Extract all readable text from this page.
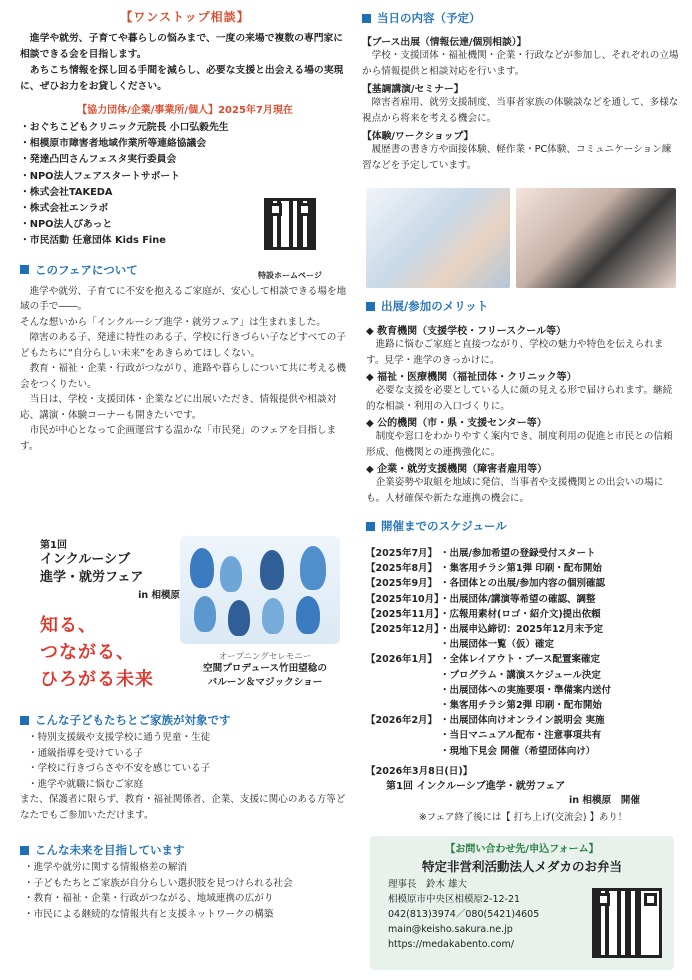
【ワンストップ相談】

進学や就労、子育てや暮らしの悩みまで、一度の来場で複数の専門家に相談できる会を目指します。

あちこち情報を探し回る手間を減らし、必要な支援と出会える場の実現に、ぜひお力をお貸しください。

【協力団体/企業/事業所/個人】2025年7月現在
・おぐちこどもクリニック元院長 小口弘毅先生
・相模原市障害者地域作業所等連絡協議会
・発達凸凹さんフェスタ実行委員会
・NPO法人フェアスタートサポート
・株式会社TAKEDA
・株式会社エンラボ
・NPO法人ぴあっと
・市民活動 任意団体 Kids Fine
このフェアについて

進学や就労、子育てに不安を抱えるご家庭が、安心して相談できる場を地域の手で――。

そんな想いから「インクルーシブ進学・就労フェア」は生まれました。

障害のある子、発達に特性のある子、学校に行きづらい子などすべての子どもたちに“自分らしい未来”をあきらめてほしくない。

教育・福祉・企業・行政がつながり、進路や暮らしについて共に考える機会をつくりたい。

当日は、学校・支援団体・企業などに出展いただき、情報提供や相談対応、講演・体験コーナーも開きたいです。

市民が中心となって企画運営する温かな「市民発」のフェアを目指します。

特設ホームページ
第1回
インクルーシブ
進学・就労フェア
in 相模原
知る、
つながる、
ひろがる未来
オープニングセレモニー
空間プロデュース竹田望稔の
バルーン＆マジックショー
こんな子どもたちとご家族が対象です
・特別支援級や支援学校に通う児童・生徒
・通級指導を受けている子
・学校に行きづらさや不安を感じている子
・進学や就職に悩むご家庭

また、保護者に限らず、教育・福祉関係者、企業、支援に関心のある方等どなたでもご参加いただけます。

こんな未来を目指しています
・進学や就労に関する情報格差の解消
・子どもたちとご家族が自分らしい選択肢を見つけられる社会
・教育・福祉・企業・行政がつながる、地域連携の広がり
・市民による継続的な情報共有と支援ネットワークの構築
当日の内容（予定）
【ブース出展（情報伝達/個別相談）】

学校・支援団体・福祉機関・企業・行政などが参加し、それぞれの立場から情報提供と相談対応を行います。

【基調講演/セミナー】

障害者雇用、就労支援制度、当事者家族の体験談などを通して、多様な視点から将来を考える機会に。

【体験/ワークショップ】

履歴書の書き方や面接体験、軽作業・PC体験、コミュニケーション練習などを予定しています。

出展/参加のメリット
◆ 教育機関（支援学校・フリースクール等）

進路に悩むご家庭と直接つながり、学校の魅力や特色を伝えられます。見学・進学のきっかけに。

◆ 福祉・医療機関（福祉団体・クリニック等）

必要な支援を必要としている人に顔の見える形で届けられます。継続的な相談・利用の入口づくりに。

◆ 公的機関（市・県・支援センター等）

制度や窓口をわかりやすく案内でき、制度利用の促進と市民との信頼形成、他機関との連携強化に。

◆ 企業・就労支援機関（障害者雇用等）

企業姿勢や取組を地域に発信、当事者や支援機関との出会いの場にも。人材確保や新たな連携の機会に。

開催までのスケジュール
【2025年7月】	・出展/参加希望の登録受付スタート
【2025年8月】	・集客用チラシ第1弾 印刷・配布開始
【2025年9月】	・各団体との出展/参加内容の個別確認
【2025年10月】	・出展団体/講演等希望の確認、調整
【2025年11月】	・広報用素材(ロゴ・紹介文)提出依頼
【2025年12月】	・出展申込締切：2025年12月末予定
	・出展団体一覧（仮）確定
【2026年1月】	・全体レイアウト・ブース配置案確定
	・プログラム・講演スケジュール決定
	・出展団体への実施要項・準備案内送付
	・集客用チラシ第2弾 印刷・配布開始
【2026年2月】	・出展団体向けオンライン説明会 実施
	・当日マニュアル配布・注意事項共有
	・現地下見会 開催（希望団体向け）
【2026年3月8日(日)】
第1回 インクルーシブ進学・就労フェア
in 相模原　開催
※フェア終了後には【 打ち上げ(交流会) 】あり！
【お問い合わせ先/申込フォーム】
特定非営利活動法人メダカのお弁当
理事長　鈴木 雄大
相模原市中央区相模原2-12-21
042(813)3974／080(5421)4605
main@keisho.sakura.ne.jp
https://medakabento.com/
